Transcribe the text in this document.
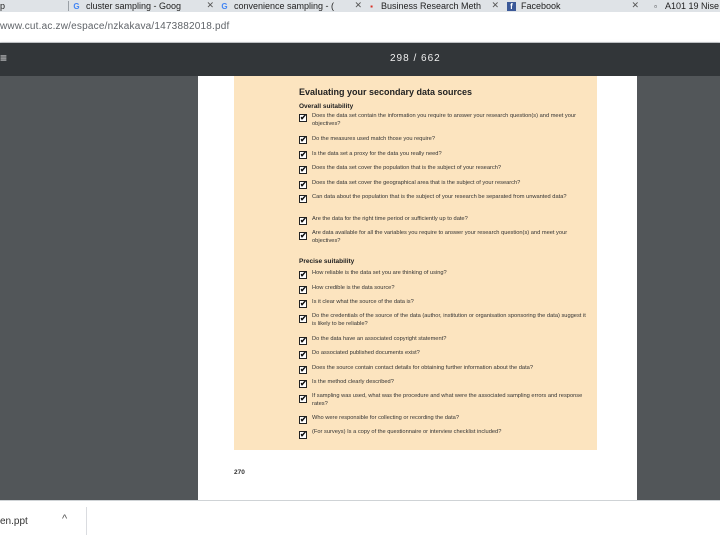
p	G cluster sampling - Goog	✕ G convenience sampling - ( ✕	▪ Business Research Meth ✕	f Facebook	✕	▫ A101 19 Nise
www.cut.ac.zw/espace/nzkakava/1473882018.pdf
≡	298 / 662
Evaluating your secondary data sources
Overall suitability
✔ Does the data set contain the information you require to answer your research question(s) and meet your objectives?
✔ Do the measures used match those you require?
✔ Is the data set a proxy for the data you really need?
✔ Does the data set cover the population that is the subject of your research?
✔ Does the data set cover the geographical area that is the subject of your research?
✔ Can data about the population that is the subject of your research be separated from unwanted data?
✔ Are the data for the right time period or sufficiently up to date?
✔ Are data available for all the variables you require to answer your research question(s) and meet your objectives?
Precise suitability
✔ How reliable is the data set you are thinking of using?
✔ How credible is the data source?
✔ Is it clear what the source of the data is?
✔ Do the credentials of the source of the data (author, institution or organisation sponsoring the data) suggest it is likely to be reliable?
✔ Do the data have an associated copyright statement?
✔ Do associated published documents exist?
✔ Does the source contain contact details for obtaining further information about the data?
✔ Is the method clearly described?
✔ If sampling was used, what was the procedure and what were the associated sampling errors and response rates?
✔ Who were responsible for collecting or recording the data?
✔ (For surveys) Is a copy of the questionnaire or interview checklist included?
270
en.ppt	^
